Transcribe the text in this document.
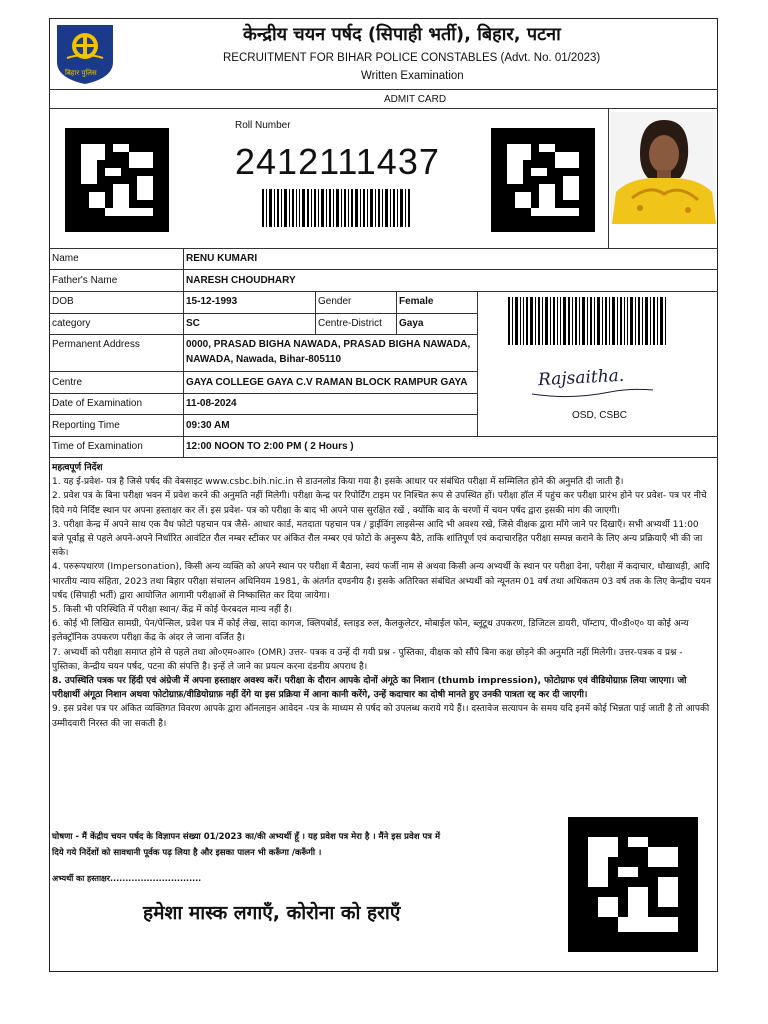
बिहार पुलिस
केन्द्रीय चयन पर्षद (सिपाही भर्ती), बिहार, पटना
RECRUITMENT FOR BIHAR POLICE CONSTABLES (Advt. No. 01/2023)
Written Examination
ADMIT CARD
Roll Number
2412111437
Name	RENU KUMARI
Father's Name	NARESH CHOUDHARY
DOB	15-12-1993	Gender	Female
category	SC	Centre-District Gaya
Permanent Address	0000, PRASAD BIGHA NAWADA, PRASAD BIGHA NAWADA,
NAWADA, Nawada, Bihar-805110
Centre	GAYA COLLEGE GAYA C.V RAMAN BLOCK RAMPUR GAYA
Date of Examination	11-08-2024
Reporting Time	09:30 AM
Time of Examination	12:00 NOON TO 2:00 PM ( 2 Hours )
Rajsaitha.
OSD, CSBC

महत्वपूर्ण निर्देश

1. यह ई-प्रवेश- पत्र है जिसे पर्षद की वेबसाइट www.csbc.bih.nic.in से डाउनलोड किया गया है। इसके आधार पर संबंधित परीक्षा में सम्मिलित होने की अनुमति दी जाती है।

2. प्रवेश पत्र के बिना परीक्षा भवन में प्रवेश करने की अनुमति नहीं मिलेगी। परीक्षा केन्द्र पर रिपोर्टिंग टाइम पर निश्चित रूप से उपस्थित हों। परीक्षा हॉल में पहुंच कर परीक्षा प्रारंभ होने पर प्रवेश- पत्र पर नीचे दिये गये निर्दिष्ट स्थान पर अपना हस्ताक्षर कर लें। इस प्रवेश- पत्र को परीक्षा के बाद भी अपने पास सुरक्षित रखें , क्योंकि बाद के चरणों में चयन पर्षद द्वारा इसकी मांग की जाएगी।

3. परीक्षा केन्द्र में अपने साथ एक वैध फोटो पहचान पत्र जैसे- आधार कार्ड, मतदाता पहचान पत्र / ड्राईविंग लाइसेन्स आदि भी अवश्य रखे, जिसे वीक्षक द्वारा माँगे जाने पर दिखाएँ। सभी अभ्यर्थी 11:00 बजे पूर्वाह्न से पहले अपने-अपने निर्धारित आवंटित रौल नम्बर स्टीकर पर अंकित रौल नम्बर एवं फोटो के अनुरूप बैठे, ताकि शांतिपूर्ण एवं कदाचारहित परीक्षा सम्पन्न कराने के लिए अन्य प्रक्रियाएँ भी की जा सके।

4. परुरूपधारण (Impersonation), किसी अन्य व्यक्ति को अपने स्थान पर परीक्षा में बैठाना, स्वयं फर्जी नाम से अथवा किसी अन्य अभ्यर्थी के स्थान पर परीक्षा देना, परीक्षा में कदाचार, धोखाधड़ी, आदि भारतीय न्याय संहिता, 2023 तथा बिहार परीक्षा संचालन अधिनियम 1981, के अंतर्गत दण्डनीय है। इसके अतिरिक्त संबंधित अभ्यर्थी को न्यूनतम 01 वर्ष तथा अधिकतम 03 वर्ष तक के लिए केन्द्रीय चयन पर्षद (सिपाही भर्ती) द्वारा आयोजित आगामी परीक्षाओं से निष्कासित कर दिया जायेगा।

5. किसी भी परिस्थिति में परीक्षा स्थान/ केंद्र में कोई फेरबदल मान्य नहीं है।

6. कोई भी लिखित सामग्री, पेन/पेन्सिल, प्रवेश पत्र में कोई लेख, सादा कागज, क्लिपबोर्ड, स्लाइड रुल, कैलकुलेटर, मोबाईल फोन, ब्लूटूथ उपकरण, डिजिटल डायरी, पॉम्टाप, पी०डी०ए० या कोई अन्य इलेक्ट्रॉनिक उपकरण परीक्षा केंद्र के अंदर ले जाना वर्जित है।

7. अभ्यर्थी को परीक्षा समाप्त होने से पहले तथा ओ०एम०आर० (OMR) उत्तर- पत्रक व उन्हें दी गयी प्रश्न - पुस्तिका, वीक्षक को सौंपे बिना कक्ष छोड़ने की अनुमति नहीं मिलेगी। उत्तर-पत्रक व प्रश्न - पुस्तिका, केन्द्रीय चयन पर्षद, पटना की संपत्ति है। इन्हें ले जाने का प्रयत्न करना दंडनीय अपराध है।

8. उपस्थिति पत्रक पर हिंदी एवं अंग्रेजी में अपना हस्ताक्षर अवश्य करें। परीक्षा के दौरान आपके दोनों अंगूठे का निशान (thumb impression), फोटोग्राफ एवं वीडियोग्राफ़ लिया जाएगा। जो परीक्षार्थी अंगूठा निशान अथवा फोटोग्राफ़/वीडियोग्राफ़ नहीं देंगे या इस प्रक्रिया में आना कानी करेंगे, उन्हें कदाचार का दोषी मानते हुए उनकी पात्रता रद्द कर दी जाएगी।

9. इस प्रवेश पत्र पर अंकित व्यक्तिगत विवरण आपके द्वारा ऑनलाइन आवेदन -पत्र के माध्यम से पर्षद को उपलब्ध कराये गये हैं।। दस्तावेज सत्यापन के समय यदि इनमें कोई भिन्नता पाई जाती है तो आपकी उम्मीदवारी निरस्त की जा सकती है।

घोषणा - मैं केंद्रीय चयन पर्षद के विज्ञापन संख्या 01/2023 का/की अभ्यर्थी हूँ । यह प्रवेश पत्र मेरा है । मैंने इस प्रवेश पत्र में
दिये गये निर्देशों को सावधानी पूर्वक पढ़ लिया है और इसका पालन भी करूँगा /करूँगी ।
अभ्यर्थी का हस्ताक्षर..............................
हमेशा मास्क लगाएँ, कोरोना को हराएँ
